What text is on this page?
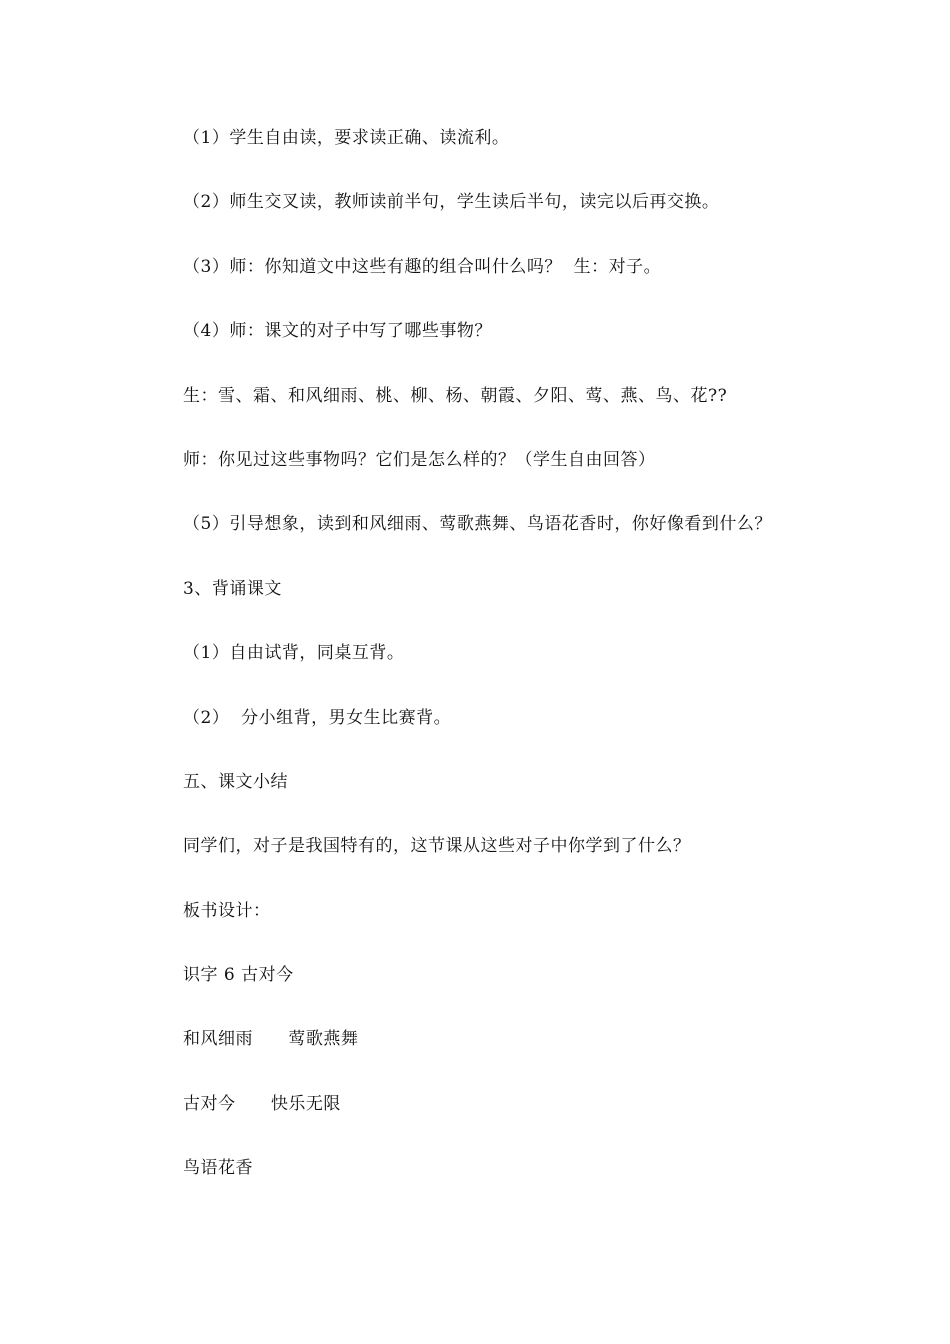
（1）学生自由读，要求读正确、读流利。
（2）师生交叉读，教师读前半句，学生读后半句，读完以后再交换。
（3）师：你知道文中这些有趣的组合叫什么吗？  生：对子。
（4）师：课文的对子中写了哪些事物？
生：雪、霜、和风细雨、桃、柳、杨、朝霞、夕阳、莺、燕、鸟、花??
师：你见过这些事物吗？它们是怎么样的？（学生自由回答）
（5）引导想象，读到和风细雨、莺歌燕舞、鸟语花香时，你好像看到什么？
3、背诵课文
（1）自由试背，同桌互背。
（2）  分小组背，男女生比赛背。
五、课文小结
同学们，对子是我国特有的，这节课从这些对子中你学到了什么？
板书设计：
识字 6 古对今
和风细雨      莺歌燕舞
古对今      快乐无限
鸟语花香
